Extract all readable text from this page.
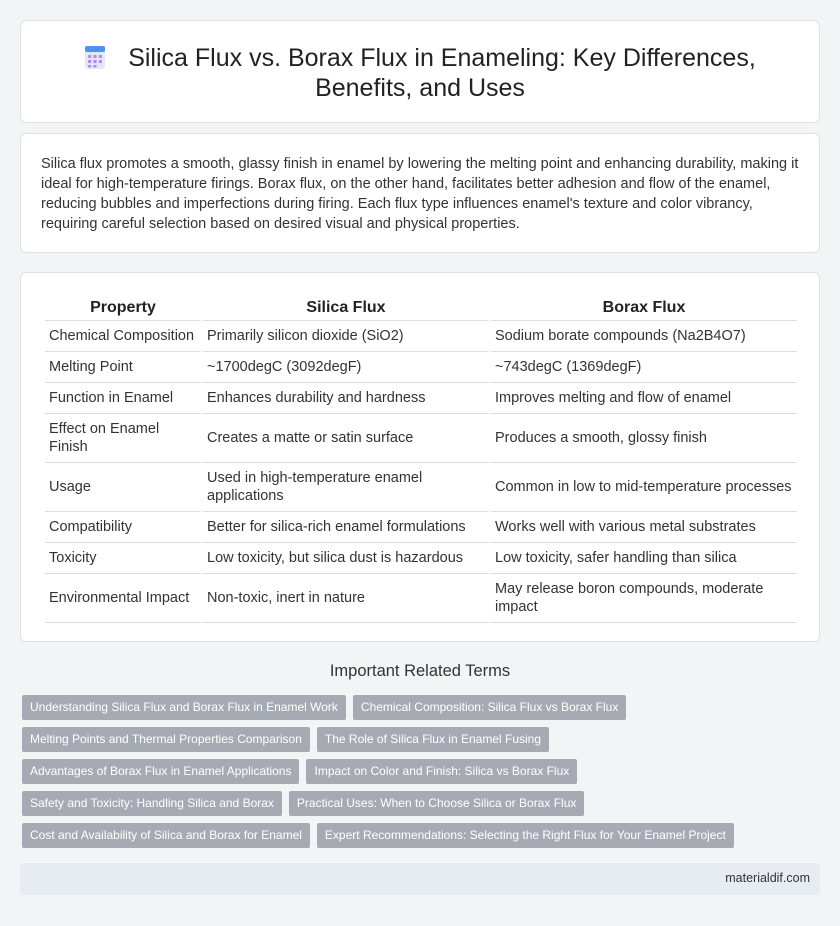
Silica Flux vs. Borax Flux in Enameling: Key Differences, Benefits, and Uses

Silica flux promotes a smooth, glassy finish in enamel by lowering the melting point and enhancing durability, making it ideal for high-temperature firings. Borax flux, on the other hand, facilitates better adhesion and flow of the enamel, reducing bubbles and imperfections during firing. Each flux type influences enamel's texture and color vibrancy, requiring careful selection based on desired visual and physical properties.

Property	Silica Flux	Borax Flux
Chemical Composition	Primarily silicon dioxide (SiO2)	Sodium borate compounds (Na2B4O7)
Melting Point	~1700degC (3092degF)	~743degC (1369degF)
Function in Enamel	Enhances durability and hardness	Improves melting and flow of enamel
Effect on Enamel Finish	Creates a matte or satin surface	Produces a smooth, glossy finish
Usage	Used in high-temperature enamel applications	Common in low to mid-temperature processes
Compatibility	Better for silica-rich enamel formulations	Works well with various metal substrates
Toxicity	Low toxicity, but silica dust is hazardous	Low toxicity, safer handling than silica
Environmental Impact	Non-toxic, inert in nature	May release boron compounds, moderate impact
Important Related Terms
Understanding Silica Flux and Borax Flux in Enamel Work	Chemical Composition: Silica Flux vs Borax Flux
Melting Points and Thermal Properties Comparison	The Role of Silica Flux in Enamel Fusing
Advantages of Borax Flux in Enamel Applications	Impact on Color and Finish: Silica vs Borax Flux
Safety and Toxicity: Handling Silica and Borax	Practical Uses: When to Choose Silica or Borax Flux
Cost and Availability of Silica and Borax for Enamel	Expert Recommendations: Selecting the Right Flux for Your Enamel Project
materialdif.com
